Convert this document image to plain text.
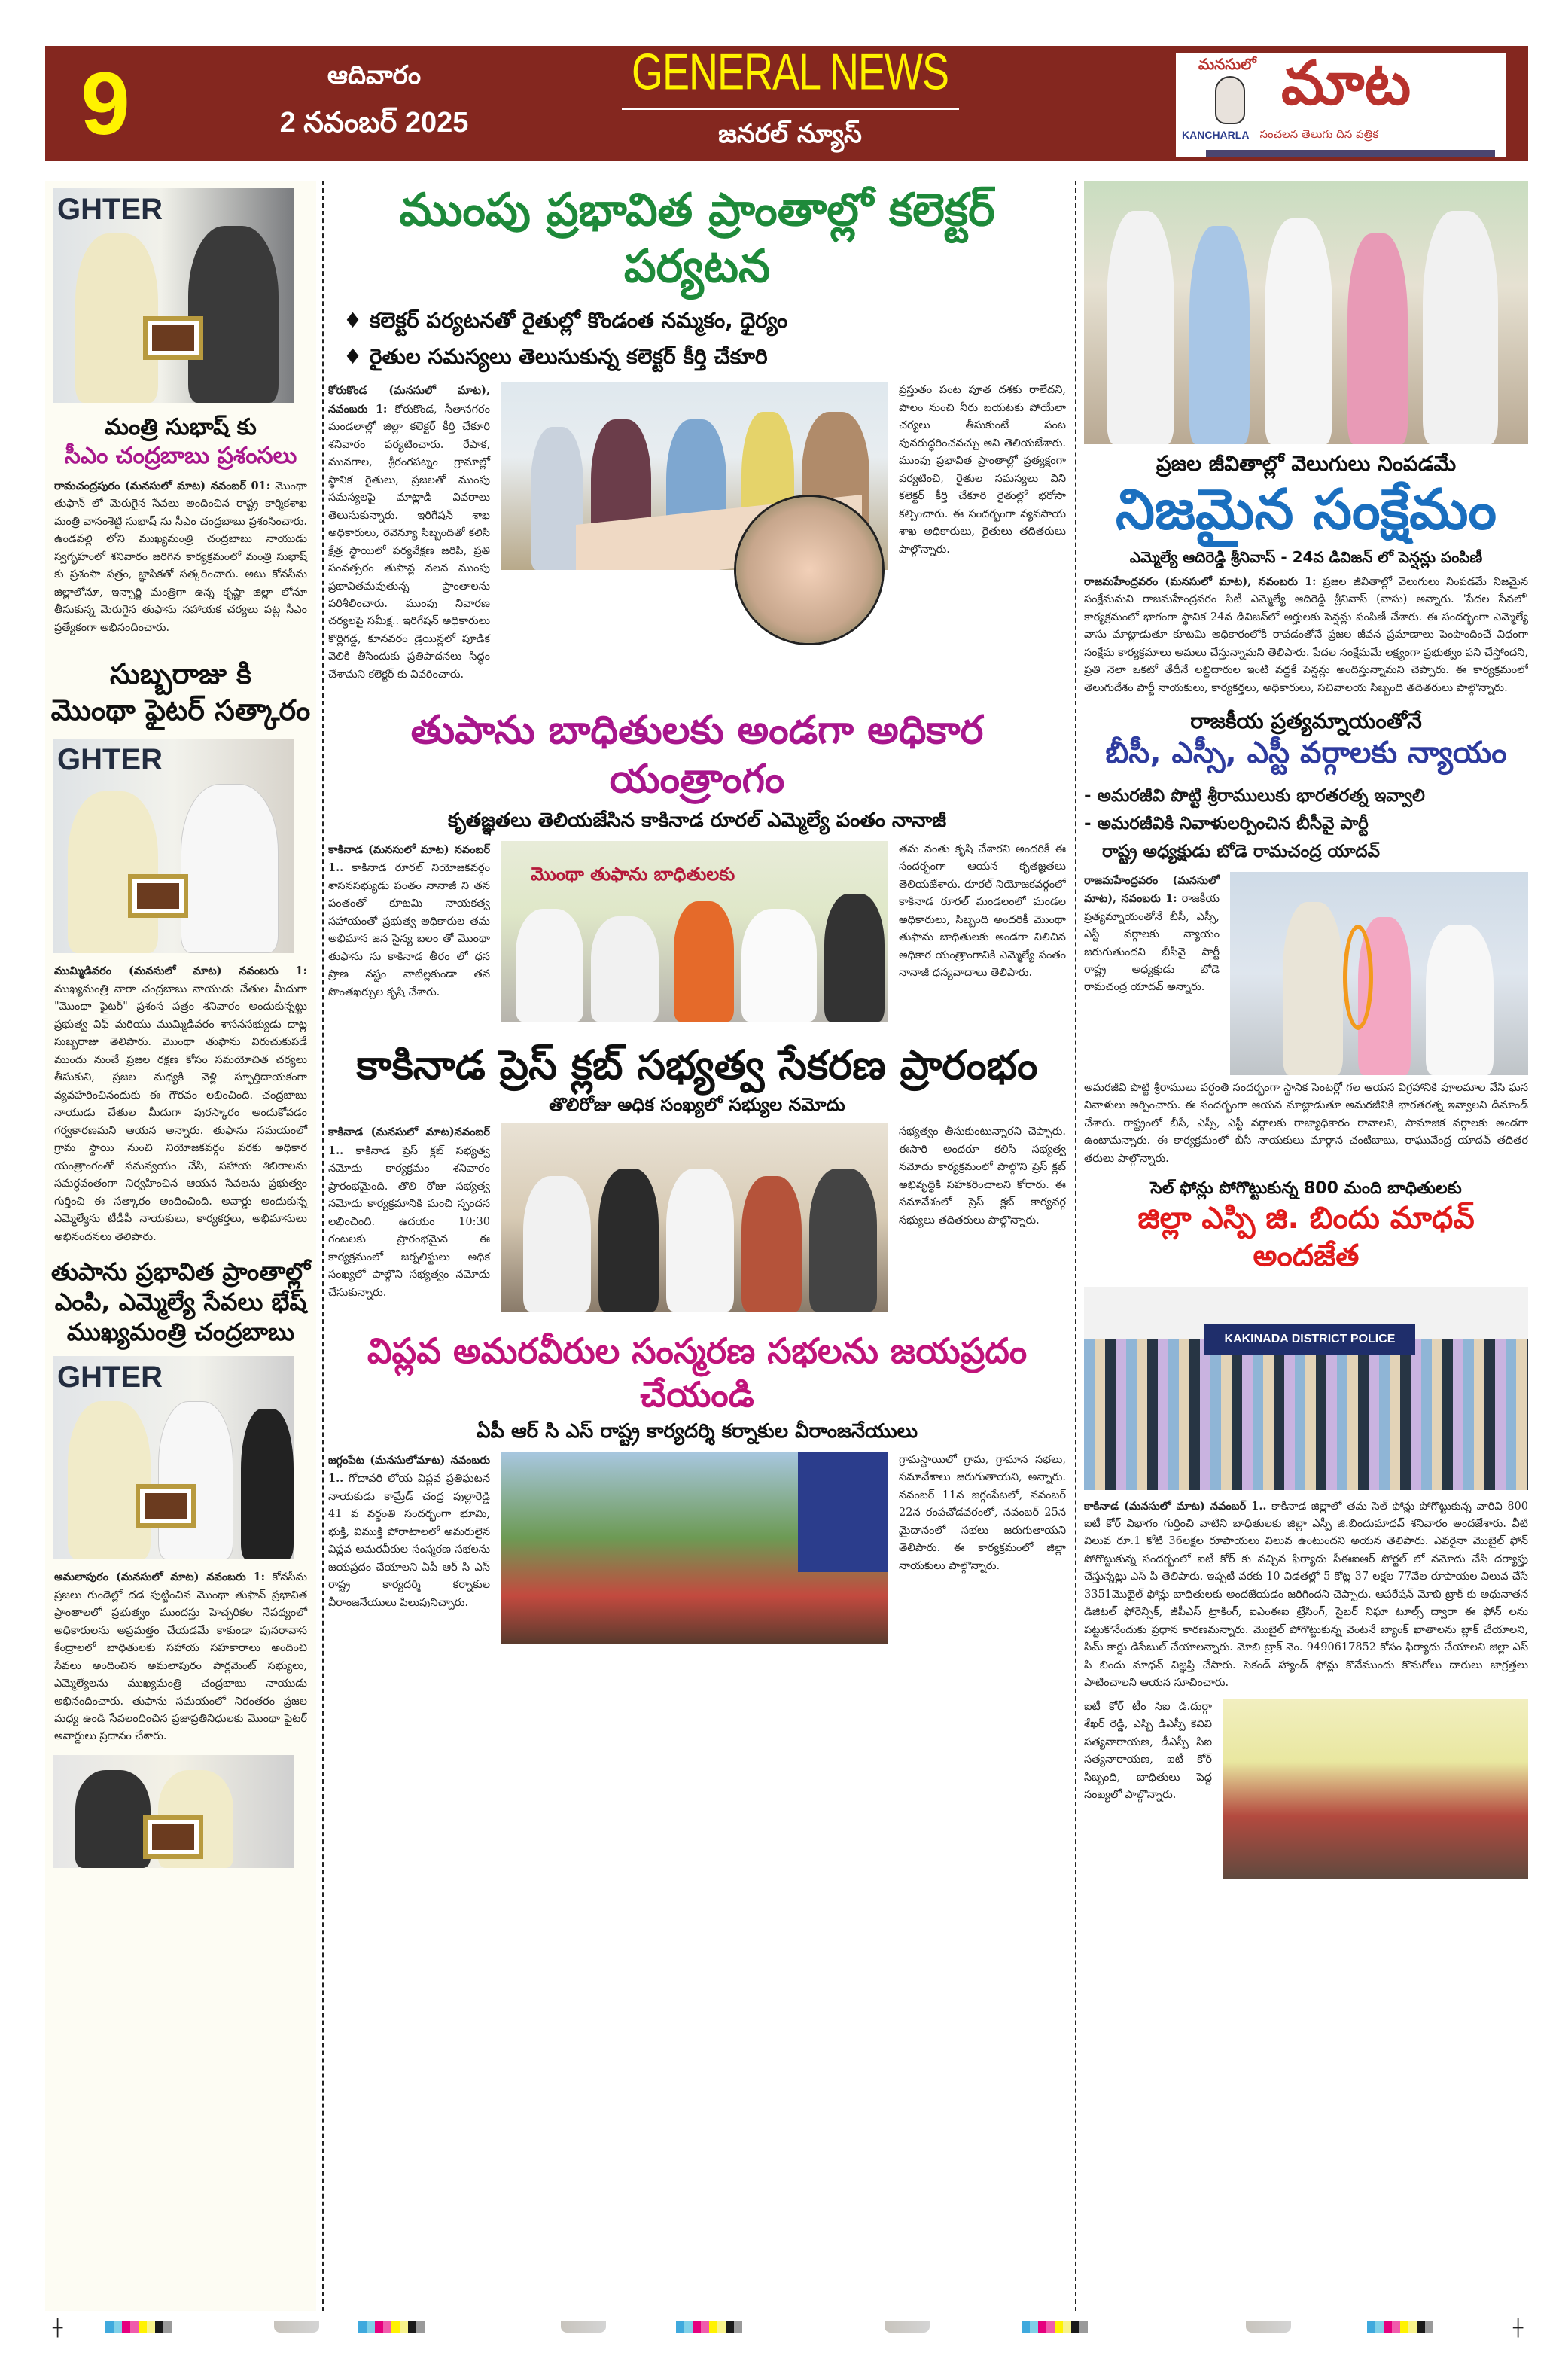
9	ఆదివారం
2 నవంబర్ 2025
GENERAL NEWS
జనరల్ న్యూస్
మనసులో మాట
KANCHARLA సంచలన తెలుగు దిన పత్రిక
GHTER
మంత్రి సుభాష్ కు
సీఎం చంద్రబాబు ప్రశంసలు
రామచంద్రపురం (మనసులో మాట) నవంబర్ 01: మొంథా తుఫాన్ లో మెరుగైన సేవలు అందించిన రాష్ట్ర కార్మికశాఖ మంత్రి వాసంశెట్టి సుభాష్ ను సీఎం చంద్రబాబు ప్రశంసించారు. ఉండవల్లి లోని ముఖ్యమంత్రి చంద్రబాబు నాయుడు స్వగృహంలో శనివారం జరిగిన కార్యక్రమంలో మంత్రి సుభాష్ కు ప్రశంసా పత్రం, జ్ఞాపికతో సత్కరించారు. అటు కోనసీమ జిల్లాలోనూ, ఇన్చార్జి మంత్రిగా ఉన్న కృష్ణా జిల్లా లోనూ తీసుకున్న మెరుగైన తుఫాను సహాయక చర్యలు పట్ల సీఎం ప్రత్యేకంగా అభినందించారు.
సుబ్బరాజు కి
మొంథా ఫైటర్ సత్కారం
GHTER
ముమ్మిడివరం (మనసులో మాట) నవంబరు 1: ముఖ్యమంత్రి నారా చంద్రబాబు నాయుడు చేతుల మీదుగా "మొంథా ఫైటర్" ప్రశంస పత్రం శనివారం అందుకున్నట్టు ప్రభుత్వ విఫ్ మరియు ముమ్మిడివరం శాసనసభ్యుడు దాట్ల సుబ్బరాజు తెలిపారు. మొంథా తుఫాను విరుచుకుపడే ముందు నుంచే ప్రజల రక్షణ కోసం సమయోచిత చర్యలు తీసుకుని, ప్రజల మధ్యకి వెళ్లి స్ఫూర్తిదాయకంగా వ్యవహరించినందుకు ఈ గౌరవం లభించింది. చంద్రబాబు నాయుడు చేతుల మీదుగా పురస్కారం అందుకోవడం గర్వకారణమని ఆయన అన్నారు. తుఫాను సమయంలో గ్రామ స్థాయి నుంచి నియోజకవర్గం వరకు అధికార యంత్రాంగంతో సమన్వయం చేసి, సహాయ శిబిరాలను సమర్ధవంతంగా నిర్వహించిన ఆయన సేవలను ప్రభుత్వం గుర్తించి ఈ సత్కారం అందించింది. అవార్డు అందుకున్న ఎమ్మెల్యేను టీడీపీ నాయకులు, కార్యకర్తలు, అభిమానులు అభినందనలు తెలిపారు.
తుపాను ప్రభావిత ప్రాంతాల్లో
ఎంపి, ఎమ్మెల్యే సేవలు భేష్
ముఖ్యమంత్రి చంద్రబాబు
GHTER
అమలాపురం (మనసులో మాట) నవంబరు 1: కోనసీమ ప్రజలు గుండెల్లో దడ పుట్టించిన మొంథా తుఫాన్ ప్రభావిత ప్రాంతాలలో ప్రభుత్వం ముందస్తు హెచ్చరికల నేపథ్యంలో అధికారులను అప్రమత్తం చేయడమే కాకుండా పునరావాస కేంద్రాలలో బాధితులకు సహాయ సహకారాలు అందించి సేవలు అందించిన అమలాపురం పార్లమెంట్ సభ్యులు, ఎమ్మెల్యేలను ముఖ్యమంత్రి చంద్రబాబు నాయుడు అభినందించారు. తుఫాను సమయంలో నిరంతరం ప్రజల మధ్య ఉండి సేవలందించిన ప్రజాప్రతినిధులకు మొంథా ఫైటర్ అవార్డులు ప్రదానం చేశారు.
ముంపు ప్రభావిత ప్రాంతాల్లో కలెక్టర్ పర్యటన
♦ కలెక్టర్ పర్యటనతో రైతుల్లో కొండంత నమ్మకం, ధైర్యం
♦ రైతుల సమస్యలు తెలుసుకున్న కలెక్టర్ కీర్తి చేకూరి
కోరుకొండ (మనసులో మాట), నవంబరు 1: కోరుకొండ, సీతానగరం మండలాల్లో జిల్లా కలెక్టర్ కీర్తి చేకూరి శనివారం పర్యటించారు. రేపాక, మునగాల, శ్రీరంగపట్నం గ్రామాల్లో స్థానిక రైతులు, ప్రజలతో ముంపు సమస్యలపై మాట్లాడి వివరాలు తెలుసుకున్నారు. ఇరిగేషన్ శాఖ అధికారులు, రెవెన్యూ సిబ్బందితో కలిసి క్షేత్ర స్థాయిలో పర్యవేక్షణ జరిపి, ప్రతి సంవత్సరం తుపాన్ల వలన ముంపు ప్రభావితమవుతున్న ప్రాంతాలను పరిశీలించారు. ముంపు నివారణ చర్యలపై సమీక్ష.. ఇరిగేషన్ అధికారులు కొర్లిగడ్డ, కూనవరం డ్రెయిన్లలో పూడిక వెలికి తీసేందుకు ప్రతిపాదనలు సిద్ధం చేశామని కలెక్టర్ కు వివరించారు.
ప్రస్తుతం పంట పూత దశకు రాలేదని, పొలం నుంచి నీరు బయటకు పోయేలా చర్యలు తీసుకుంటే పంట పునరుద్ధరించవచ్చు అని తెలియజేశారు. ముంపు ప్రభావిత ప్రాంతాల్లో ప్రత్యక్షంగా పర్యటించి, రైతుల సమస్యలు విని కలెక్టర్ కీర్తి చేకూరి రైతుల్లో భరోసా కల్పించారు. ఈ సందర్భంగా వ్యవసాయ శాఖ అధికారులు, రైతులు తదితరులు పాల్గొన్నారు.
తుపాను బాధితులకు అండగా అధికార యంత్రాంగం
కృతజ్ఞతలు తెలియజేసిన కాకినాడ రూరల్ ఎమ్మెల్యే పంతం నానాజీ
కాకినాడ (మనసులో మాట) నవంబర్ 1.. కాకినాడ రూరల్ నియోజకవర్గం శాసనసభ్యుడు పంతం నానాజీ ని తన పంతంతో కూటమి నాయకత్వ సహాయంతో ప్రభుత్వ అధికారుల తమ అభిమాన జన సైన్య బలం తో మొంథా తుఫాను ను కాకినాడ తీరం లో ధన ప్రాణ నష్టం వాటిల్లకుండా తన సొంతఖర్చుల కృషి చేశారు.
మొంథా తుఫాను బాధితులకు
తమ వంతు కృషి చేశారని అందరికీ ఈ సందర్భంగా ఆయన కృతజ్ఞతలు తెలియజేశారు. రూరల్ నియోజకవర్గంలో కాకినాడ రూరల్ మండలంలో మండల అధికారులు, సిబ్బంది అందరికీ మొంథా తుఫాను బాధితులకు అండగా నిలిచిన అధికార యంత్రాంగానికి ఎమ్మెల్యే పంతం నానాజీ ధన్యవాదాలు తెలిపారు.
కాకినాడ ప్రెస్ క్లబ్ సభ్యత్వ సేకరణ ప్రారంభం
తొలిరోజు అధిక సంఖ్యలో సభ్యుల నమోదు
కాకినాడ (మనసులో మాట)నవంబర్ 1.. కాకినాడ ప్రెస్ క్లబ్ సభ్యత్వ నమోదు కార్యక్రమం శనివారం ప్రారంభమైంది. తొలి రోజు సభ్యత్వ నమోదు కార్యక్రమానికి మంచి స్పందన లభించింది. ఉదయం 10:30 గంటలకు ప్రారంభమైన ఈ కార్యక్రమంలో జర్నలిస్టులు అధిక సంఖ్యలో పాల్గొని సభ్యత్వం నమోదు చేసుకున్నారు.
సభ్యత్వం తీసుకుంటున్నారని చెప్పారు. ఈసారి అందరూ కలిసి సభ్యత్వ నమోదు కార్యక్రమంలో పాల్గొని ప్రెస్ క్లబ్ అభివృద్ధికి సహకరించాలని కోరారు. ఈ సమావేశంలో ప్రెస్ క్లబ్ కార్యవర్గ సభ్యులు తదితరులు పాల్గొన్నారు.
విప్లవ అమరవీరుల సంస్మరణ సభలను జయప్రదం చేయండి
ఏపీ ఆర్ సి ఎస్ రాష్ట్ర కార్యదర్శి కర్నాకుల వీరాంజనేయులు
జగ్గంపేట (మనసులోమాట) నవంబరు 1.. గోదావరి లోయ విప్లవ ప్రతిఘటన నాయకుడు కామ్రేడ్ చంద్ర పుల్లారెడ్డి 41 వ వర్ధంతి సందర్భంగా భూమి, భుక్తి, విముక్తి పోరాటాలలో అమరులైన విప్లవ అమరవీరుల సంస్మరణ సభలను జయప్రదం చేయాలని ఏపీ ఆర్ సి ఎస్ రాష్ట్ర కార్యదర్శి కర్నాకుల వీరాంజనేయులు పిలుపునిచ్చారు.
గ్రామస్థాయిలో గ్రామ, గ్రామాన సభలు, సమావేశాలు జరుగుతాయని, అన్నారు. నవంబర్ 11న జగ్గంపేటలో, నవంబర్ 22న రంపచోడవరంలో, నవంబర్ 25న మైదానంలో సభలు జరుగుతాయని తెలిపారు. ఈ కార్యక్రమంలో జిల్లా నాయకులు పాల్గొన్నారు.
ప్రజల జీవితాల్లో వెలుగులు నింపడమే
నిజమైన సంక్షేమం
ఎమ్మెల్యే ఆదిరెడ్డి శ్రీనివాస్ - 24వ డివిజన్ లో పెన్షన్లు పంపిణీ
రాజమహేంద్రవరం (మనసులో మాట), నవంబరు 1: ప్రజల జీవితాల్లో వెలుగులు నింపడమే నిజమైన సంక్షేమమని రాజమహేంద్రవరం సిటీ ఎమ్మెల్యే ఆదిరెడ్డి శ్రీనివాస్ (వాసు) అన్నారు. 'పేదల సేవలో' కార్యక్రమంలో భాగంగా స్థానిక 24వ డివిజన్‌లో అర్హులకు పెన్షన్లు పంపిణీ చేశారు. ఈ సందర్భంగా ఎమ్మెల్యే వాసు మాట్లాడుతూ కూటమి అధికారంలోకి రావడంతోనే ప్రజల జీవన ప్రమాణాలు పెంపొందించే విధంగా సంక్షేమ కార్యక్రమాలు అమలు చేస్తున్నామని తెలిపారు. పేదల సంక్షేమమే లక్ష్యంగా ప్రభుత్వం పని చేస్తోందని, ప్రతి నెలా ఒకటో తేదీనే లబ్ధిదారుల ఇంటి వద్దకే పెన్షన్లు అందిస్తున్నామని చెప్పారు. ఈ కార్యక్రమంలో తెలుగుదేశం పార్టీ నాయకులు, కార్యకర్తలు, అధికారులు, సచివాలయ సిబ్బంది తదితరులు పాల్గొన్నారు.
రాజకీయ ప్రత్యమ్నాయంతోనే
బీసీ, ఎస్సీ, ఎస్టీ వర్గాలకు న్యాయం
- అమరజీవి పొట్టి శ్రీరాములుకు భారతరత్న ఇవ్వాలి
- అమరజీవికి నివాళులర్పించిన బీసీవై పార్టీ
రాష్ట్ర అధ్యక్షుడు బోడె రామచంద్ర యాదవ్
రాజమహేంద్రవరం (మనసులో మాట), నవంబరు 1: రాజకీయ ప్రత్యమ్నాయంతోనే బీసీ, ఎస్సీ, ఎస్టీ వర్గాలకు న్యాయం జరుగుతుందని బీసీవై పార్టీ రాష్ట్ర అధ్యక్షుడు బోడె రామచంద్ర యాదవ్ అన్నారు.
అమరజీవి పొట్టి శ్రీరాములు వర్ధంతి సందర్భంగా స్థానిక సెంటర్లో గల ఆయన విగ్రహానికి పూలమాల వేసి ఘన నివాళులు అర్పించారు. ఈ సందర్భంగా ఆయన మాట్లాడుతూ అమరజీవికి భారతరత్న ఇవ్వాలని డిమాండ్ చేశారు. రాష్ట్రంలో బీసీ, ఎస్సీ, ఎస్టీ వర్గాలకు రాజ్యాధికారం రావాలని, సామాజిక వర్గాలకు అండగా ఉంటామన్నారు. ఈ కార్యక్రమంలో బీసీ నాయకులు మార్గాన చంటిబాబు, రాఘువేంద్ర యాదవ్ తదితర తరులు పాల్గొన్నారు.
సెల్ ఫోన్లు పోగొట్టుకున్న 800 మంది బాధితులకు
జిల్లా ఎస్పి జి. బిందు మాధవ్ అందజేత
KAKINADA DISTRICT POLICE
కాకినాడ (మనసులో మాట) నవంబర్ 1.. కాకినాడ జిల్లాలో తమ సెల్ ఫోన్లు పోగొట్టుకున్న వారివి 800 ఐటీ కోర్ విభాగం గుర్తించి వాటిని బాధితులకు జిల్లా ఎస్పీ జి.బిందుమాధవ్ శనివారం అందజేశారు. వీటి విలువ రూ.1 కోటి 36లక్షల రూపాయలు విలువ ఉంటుందని అయన తెలిపారు. ఎవరైనా మొబైల్ ఫోన్ పోగొట్టుకున్న సందర్భంలో ఐటీ కోర్ కు వచ్చిన ఫిర్యాదు సీఈఐఆర్ పోర్టల్ లో నమోదు చేసి దర్యాప్తు చేస్తున్నట్లు ఎస్ పి తెలిపారు. ఇప్పటి వరకు 10 విడతల్లో 5 కోట్ల 37 లక్షల 77వేల రూపాయల విలువ చేసే 3351మొబైల్ ఫోన్లు బాధితులకు అందజేయడం జరిగిందని చెప్పారు. ఆపరేషన్ మోబి ట్రాక్ కు అధునాతన డిజిటల్ ఫోరెన్సిక్, జీపీఎస్ ట్రాకింగ్, ఐఎంఈఐ ట్రేసింగ్, సైబర్ నిఘా టూల్స్ ద్వారా ఈ ఫోన్ లను పట్టుకొనేందుకు ప్రధాన కారణమన్నారు. మొబైల్ పోగొట్టుకున్న వెంటనే బ్యాంక్ ఖాతాలను బ్లాక్ చేయాలని, సిమ్ కార్డు డిసేబుల్ చేయాలన్నారు. మోబి ట్రాక్ నెం. 9490617852 కోసం ఫిర్యాదు చేయాలని జిల్లా ఎస్ పి బిందు మాధవ్ విజ్ఞప్తి చేసారు. సెకండ్ హ్యాండ్ ఫోన్లు కొనేముందు కొనుగోలు దారులు జాగ్రత్తలు పాటించాలని ఆయన సూచించారు.
ఐటీ కోర్ టీం సిఐ డి.దుర్గా శేఖర్ రెడ్డి, ఎస్బి డిఎస్పీ కెవివి సత్యనారాయణ, డీఎస్పీ సిఐ సత్యనారాయణ, ఐటీ కోర్ సిబ్బంది, బాధితులు పెద్ద సంఖ్యలో పాల్గొన్నారు.
┼	┼
